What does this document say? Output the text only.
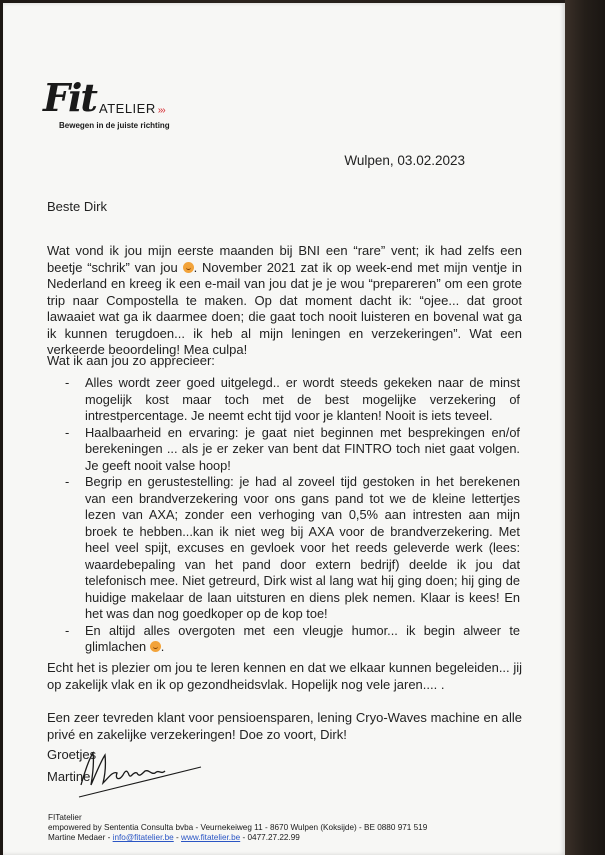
Fit ATELIER ›››
Bewegen in de juiste richting
Wulpen, 03.02.2023
Beste Dirk
Wat vond ik jou mijn eerste maanden bij BNI een “rare” vent; ik had zelfs een beetje “schrik” van jou . November 2021 zat ik op week-end met mijn ventje in Nederland en kreeg ik een e-mail van jou dat je je wou “prepareren” om een grote trip naar Compostella te maken. Op dat moment dacht ik: “ojee... dat groot lawaaiet wat ga ik daarmee doen; die gaat toch nooit luisteren en bovenal wat ga ik kunnen terugdoen... ik heb al mijn leningen en verzekeringen”. Wat een verkeerde beoordeling! Mea culpa!
Wat ik aan jou zo apprecieer:
- Alles wordt zeer goed uitgelegd.. er wordt steeds gekeken naar de minst mogelijk kost maar toch met de best mogelijke verzekering of intrestpercentage. Je neemt echt tijd voor je klanten! Nooit is iets teveel.
- Haalbaarheid en ervaring: je gaat niet beginnen met besprekingen en/of berekeningen ... als je er zeker van bent dat FINTRO toch niet gaat volgen. Je geeft nooit valse hoop!
- Begrip en gerustestelling: je had al zoveel tijd gestoken in het berekenen van een brandverzekering voor ons gans pand tot we de kleine lettertjes lezen van AXA; zonder een verhoging van 0,5% aan intresten aan mijn broek te hebben...kan ik niet weg bij AXA voor de brandverzekering. Met heel veel spijt, excuses en gevloek voor het reeds geleverde werk (lees: waardebepaling van het pand door extern bedrijf) deelde ik jou dat telefonisch mee. Niet getreurd, Dirk wist al lang wat hij ging doen; hij ging de huidige makelaar de laan uitsturen en diens plek nemen. Klaar is kees! En het was dan nog goedkoper op de kop toe!
- En altijd alles overgoten met een vleugje humor... ik begin alweer te glimlachen .
Echt het is plezier om jou te leren kennen en dat we elkaar kunnen begeleiden... jij op zakelijk vlak en ik op gezondheidsvlak. Hopelijk nog vele jaren.... .
Een zeer tevreden klant voor pensioensparen, lening Cryo-Waves machine en alle privé en zakelijke verzekeringen! Doe zo voort, Dirk!
Groetjes
Martine
FITatelier
empowered by Sententia Consulta bvba - Veurnekeiweg 11 - 8670 Wulpen (Koksijde) - BE 0880 971 519
Martine Medaer - info@fitatelier.be - www.fitatelier.be - 0477.27.22.99
